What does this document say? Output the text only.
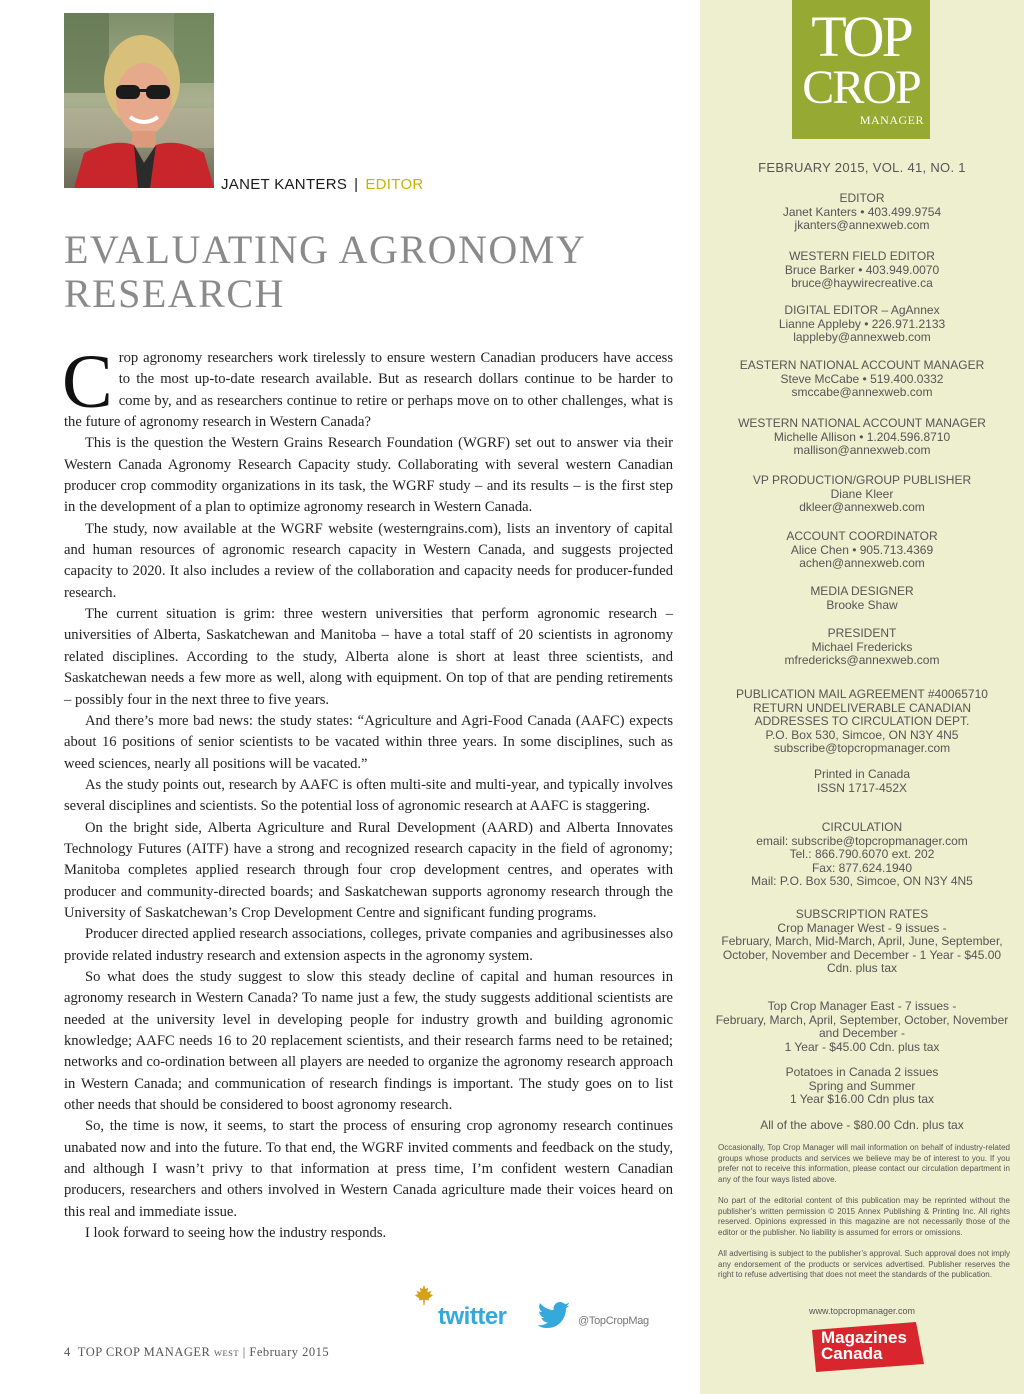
JANET KANTERS | EDITOR
EVALUATING AGRONOMY
RESEARCH

Crop agronomy researchers work tirelessly to ensure western Canadian producers have access to the most up-to-date research available. But as research dollars continue to be harder to come by, and as researchers continue to retire or perhaps move on to other challenges, what is the future of agronomy research in Western Canada?

This is the question the Western Grains Research Foundation (WGRF) set out to answer via their Western Canada Agronomy Research Capacity study. Collaborating with several western Canadian producer crop commodity organizations in its task, the WGRF study – and its results – is the first step in the development of a plan to optimize agronomy research in Western Canada.

The study, now available at the WGRF website (westerngrains.com), lists an inventory of capital and human resources of agronomic research capacity in Western Canada, and suggests projected capacity to 2020. It also includes a review of the collaboration and capacity needs for producer-funded research.

The current situation is grim: three western universities that perform agronomic research – universities of Alberta, Saskatchewan and Manitoba – have a total staff of 20 scientists in agronomy related disciplines. According to the study, Alberta alone is short at least three scientists, and Saskatchewan needs a few more as well, along with equipment. On top of that are pending retirements – possibly four in the next three to five years.

And there’s more bad news: the study states: “Agriculture and Agri-Food Canada (AAFC) expects about 16 positions of senior scientists to be vacated within three years. In some disciplines, such as weed sciences, nearly all positions will be vacated.”

As the study points out, research by AAFC is often multi-site and multi-year, and typically involves several disciplines and scientists. So the potential loss of agronomic research at AAFC is staggering.

On the bright side, Alberta Agriculture and Rural Development (AARD) and Alberta Innovates Technology Futures (AITF) have a strong and recognized research capacity in the field of agronomy; Manitoba completes applied research through four crop development centres, and operates with producer and community-directed boards; and Saskatchewan supports agronomy research through the University of Saskatchewan’s Crop Development Centre and significant funding programs.

Producer directed applied research associations, colleges, private companies and agribusinesses also provide related industry research and extension aspects in the agronomy system.

So what does the study suggest to slow this steady decline of capital and human resources in agronomy research in Western Canada? To name just a few, the study suggests additional scientists are needed at the university level in developing people for industry growth and building agronomic knowledge; AAFC needs 16 to 20 replacement scientists, and their research farms need to be retained; networks and co-ordination between all players are needed to organize the agronomy research approach in Western Canada; and communication of research findings is important. The study goes on to list other needs that should be considered to boost agronomy research.

So, the time is now, it seems, to start the process of ensuring crop agronomy research continues unabated now and into the future. To that end, the WGRF invited comments and feedback on the study, and although I wasn’t privy to that information at press time, I’m confident western Canadian producers, researchers and others involved in Western Canada agriculture made their voices heard on this real and immediate issue.

I look forward to seeing how the industry responds.

twitter	@TopCropMag
4 TOP CROP MANAGER WEST | February 2015
TOP
CROP
MANAGER
FEBRUARY 2015, VOL. 41, NO. 1
EDITOR
Janet Kanters • 403.499.9754
jkanters@annexweb.com
WESTERN FIELD EDITOR
Bruce Barker • 403.949.0070
bruce@haywirecreative.ca
DIGITAL EDITOR – AgAnnex
Lianne Appleby • 226.971.2133
lappleby@annexweb.com
EASTERN NATIONAL ACCOUNT MANAGER
Steve McCabe • 519.400.0332
smccabe@annexweb.com
WESTERN NATIONAL ACCOUNT MANAGER
Michelle Allison • 1.204.596.8710
mallison@annexweb.com
VP PRODUCTION/GROUP PUBLISHER
Diane Kleer
dkleer@annexweb.com
ACCOUNT COORDINATOR
Alice Chen • 905.713.4369
achen@annexweb.com
MEDIA DESIGNER
Brooke Shaw
PRESIDENT
Michael Fredericks
mfredericks@annexweb.com
PUBLICATION MAIL AGREEMENT #40065710
RETURN UNDELIVERABLE CANADIAN
ADDRESSES TO CIRCULATION DEPT.
P.O. Box 530, Simcoe, ON N3Y 4N5
subscribe@topcropmanager.com
Printed in Canada
ISSN 1717-452X
CIRCULATION
email: subscribe@topcropmanager.com
Tel.: 866.790.6070 ext. 202
Fax: 877.624.1940
Mail: P.O. Box 530, Simcoe, ON N3Y 4N5
SUBSCRIPTION RATES
Crop Manager West - 9 issues -
February, March, Mid-March, April, June, September,
October, November and December - 1 Year - $45.00
Cdn. plus tax
Top Crop Manager East - 7 issues -
February, March, April, September, October, November
and December -
1 Year - $45.00 Cdn. plus tax
Potatoes in Canada 2 issues
Spring and Summer
1 Year $16.00 Cdn plus tax
All of the above - $80.00 Cdn. plus tax
Occasionally, Top Crop Manager will mail information on behalf of industry-related groups whose products and services we believe may be of interest to you. If you prefer not to receive this information, please contact our circulation department in any of the four ways listed above.
No part of the editorial content of this publication may be reprinted without the publisher’s written permission © 2015 Annex Publishing & Printing Inc. All rights reserved. Opinions expressed in this magazine are not necessarily those of the editor or the publisher. No liability is assumed for errors or omissions.
All advertising is subject to the publisher’s approval. Such approval does not imply any endorsement of the products or services advertised. Publisher reserves the right to refuse advertising that does not meet the standards of the publication.
www.topcropmanager.com
Magazines
Canada
